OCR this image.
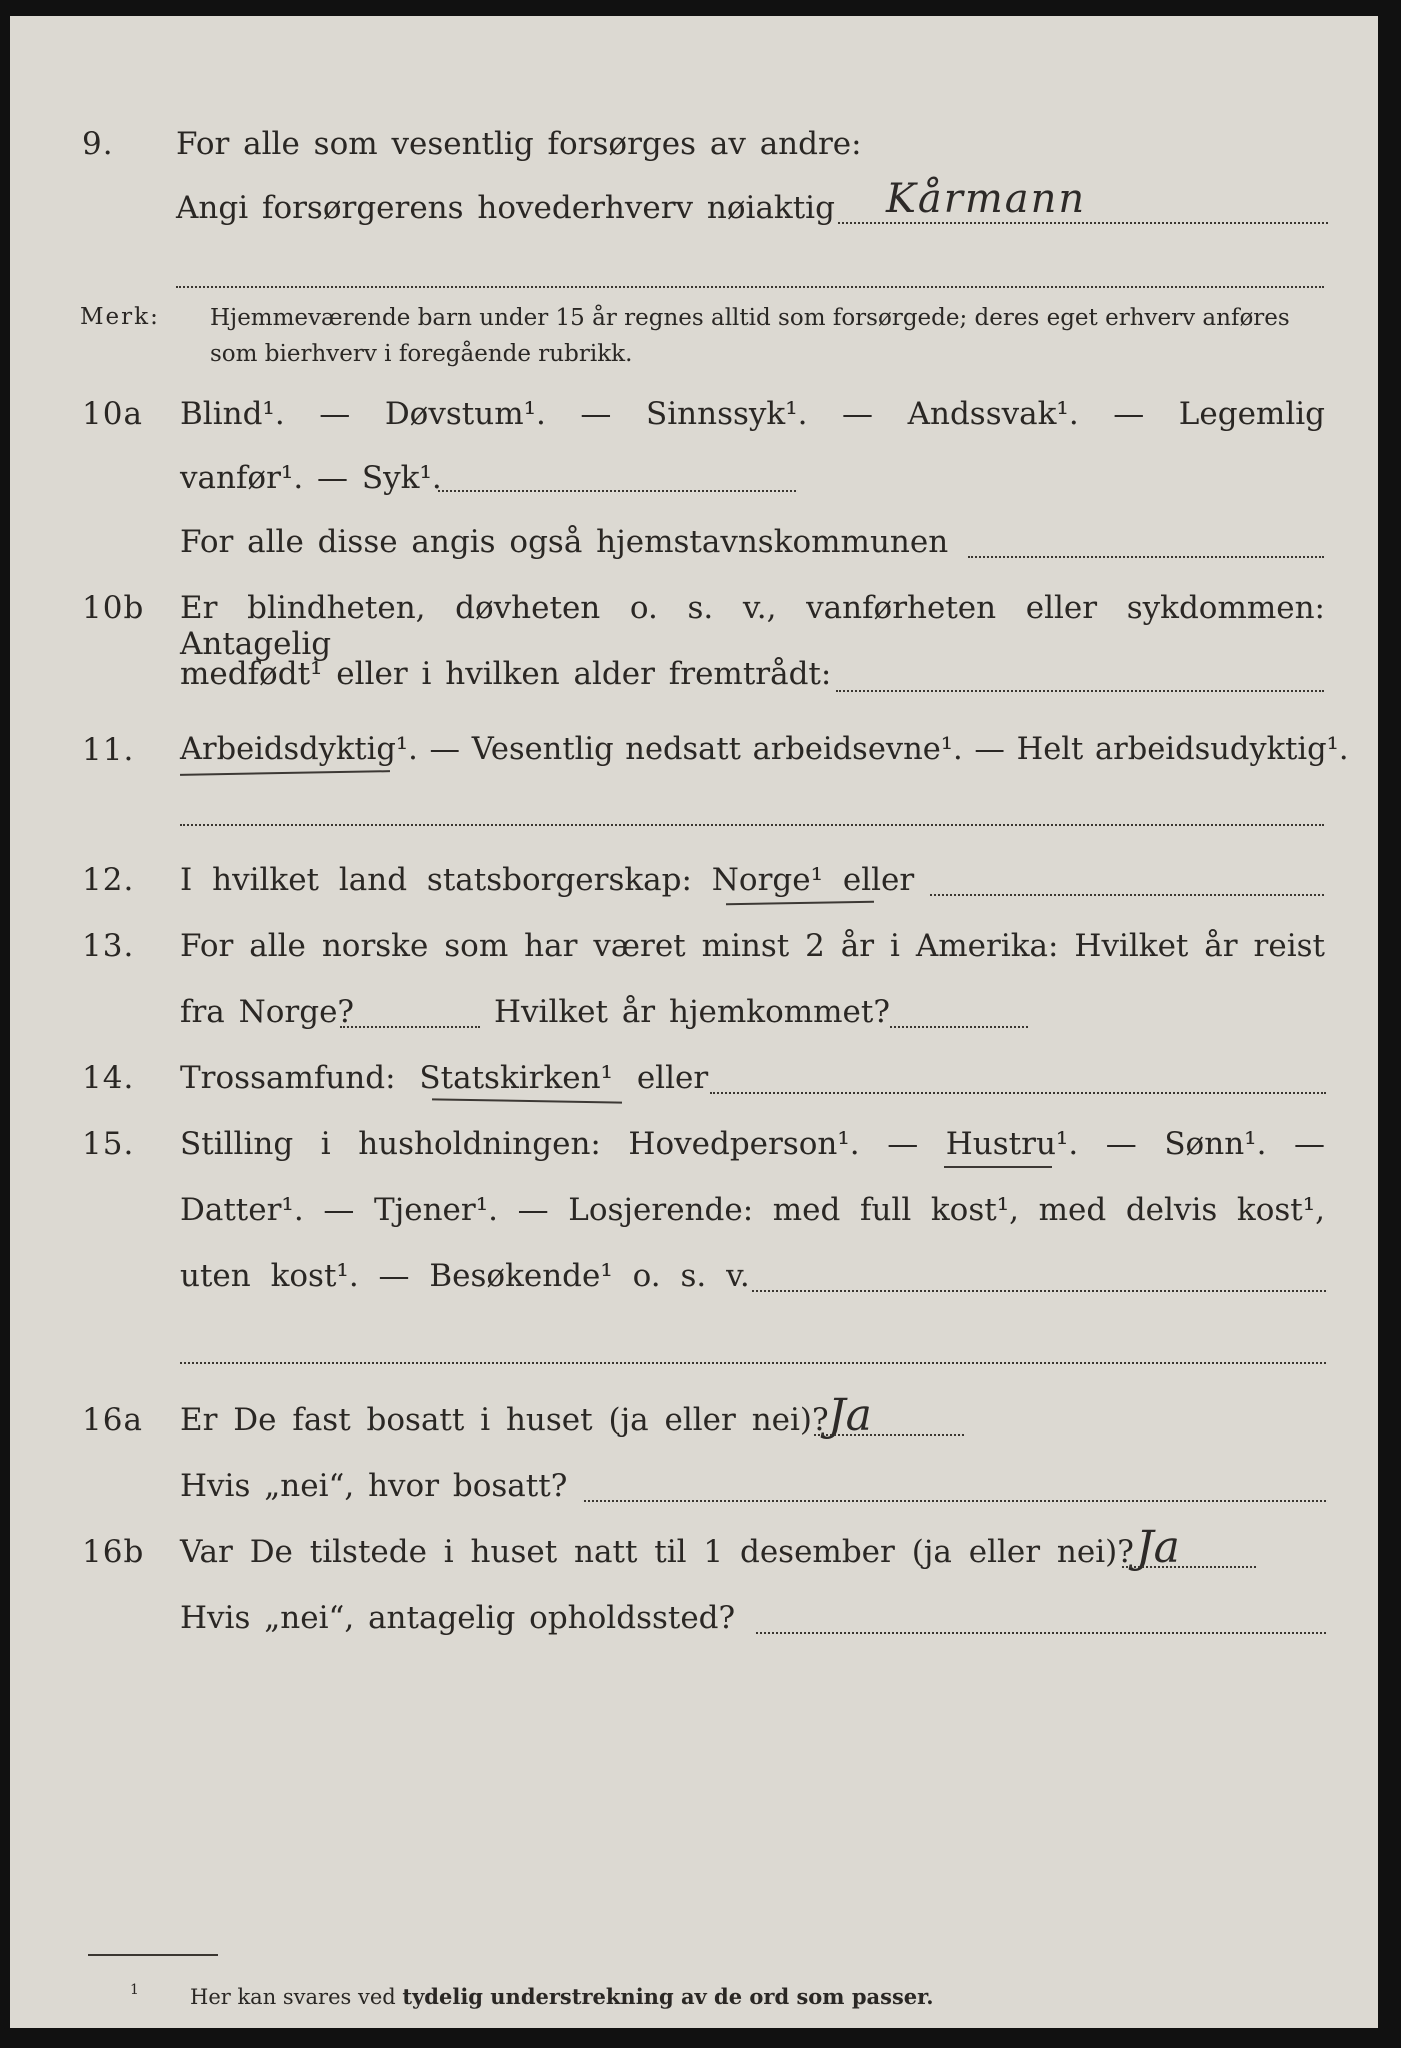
9. For alle som vesentlig forsørges av andre:
Angi forsørgerens hovederhverv nøiaktig Kårmann
Merk: Hjemmeværende barn under 15 år regnes alltid som forsørgede; deres eget erhverv anføres som bierhverv i foregående rubrikk.
10a Blind¹. — Døvstum¹. — Sinnssyk¹. — Andssvak¹. — Legemlig
vanfør¹. — Syk¹.
For alle disse angis også hjemstavnskommunen
10b Er blindheten, døvheten o. s. v., vanførheten eller sykdommen: Antagelig
medfødt¹ eller i hvilken alder fremtrådt:
11. Arbeidsdyktig¹. — Vesentlig nedsatt arbeidsevne¹. — Helt arbeidsudyktig¹.
12. I hvilket land statsborgerskap: Norge¹ eller
13. For alle norske som har været minst 2 år i Amerika: Hvilket år reist
fra Norge?	Hvilket år hjemkommet?
14. Trossamfund: Statskirken¹ eller
15. Stilling i husholdningen: Hovedperson¹. — Hustru¹. — Sønn¹. —
Datter¹. — Tjener¹. — Losjerende: med full kost¹, med delvis kost¹,
uten kost¹. — Besøkende¹ o. s. v.
16a Er De fast bosatt i huset (ja eller nei)? Ja
Hvis „nei“, hvor bosatt?
16b Var De tilstede i huset natt til 1 desember (ja eller nei)? Ja
Hvis „nei“, antagelig opholdssted?
1 Her kan svares ved tydelig understrekning av de ord som passer.
